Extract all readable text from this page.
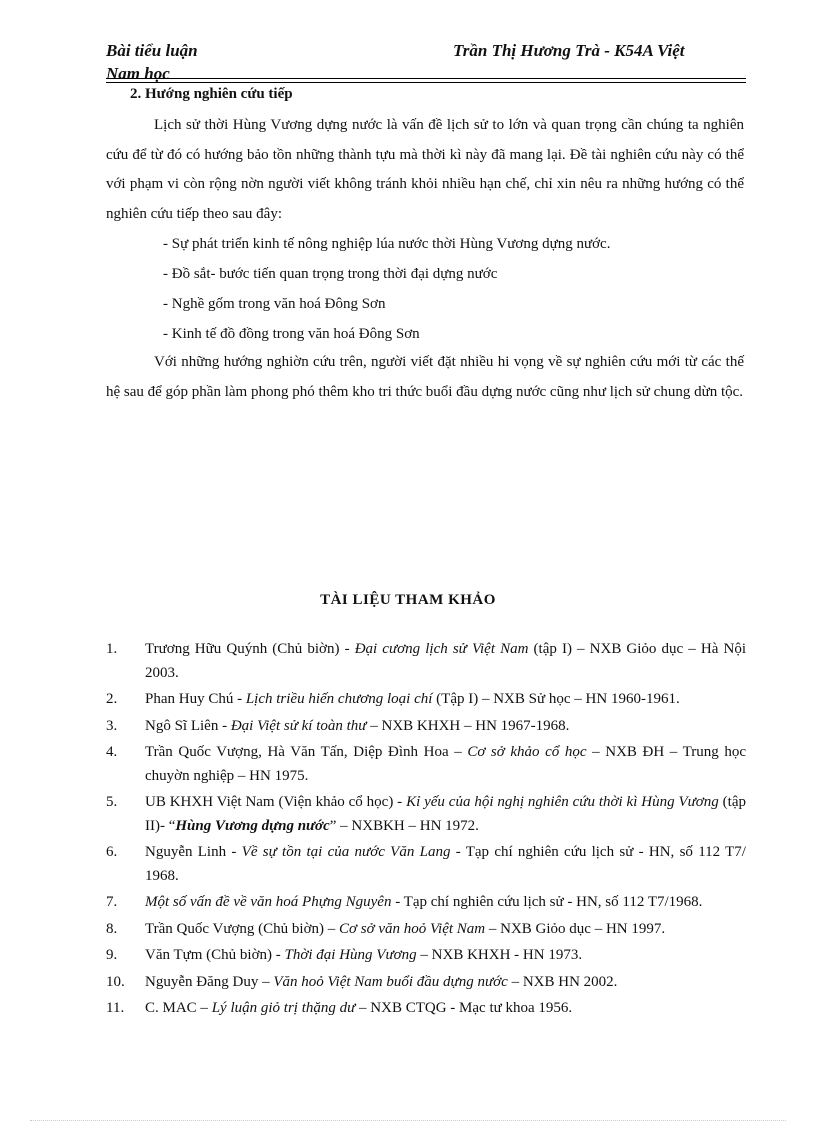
Bài tiểu luận
Nam học
Trần Thị Hương Trà - K54A Việt
2. Hướng nghiên cứu tiếp

Lịch sử thời Hùng Vương dựng nước là vấn đề lịch sử to lớn và quan trọng cần chúng ta nghiên cứu để từ đó có hướng bảo tồn những thành tựu mà thời kì này đã mang lại. Đề tài nghiên cứu này có thể với phạm vi còn rộng nờn người viết không tránh khỏi nhiều hạn chế, chỉ xin nêu ra những hướng có thể nghiên cứu tiếp theo sau đây:

- Sự phát triển kinh tế nông nghiệp lúa nước thời Hùng Vương dựng nước.
- Đồ sắt- bước tiến quan trọng trong thời đại dựng nước
- Nghề gốm trong văn hoá Đông Sơn
- Kinh tế đồ đồng trong văn hoá Đông Sơn

Với những hướng nghiờn cứu trên, người viết đặt nhiều hi vọng về sự nghiên cứu mới từ các thế hệ sau để góp phần làm phong phó thêm kho tri thức buổi đầu dựng nước cũng như lịch sử chung dừn tộc.

TÀI LIỆU THAM KHẢO
1. Trương Hữu Quýnh (Chủ biờn) - Đại cương lịch sử Việt Nam (tập I) – NXB Giỏo dục – Hà Nội 2003.
2. Phan Huy Chú - Lịch triều hiến chương loại chí (Tập I) – NXB Sử học – HN 1960-1961.
3. Ngô Sĩ Liên - Đại Việt sử kí toàn thư – NXB KHXH – HN 1967-1968.
4. Trần Quốc Vượng, Hà Văn Tấn, Diệp Đình Hoa – Cơ sở khảo cổ học – NXB ĐH – Trung học chuyờn nghiệp – HN 1975.
5. UB KHXH Việt Nam (Viện khảo cổ học) - Kỉ yếu của hội nghị nghiên cứu thời kì Hùng Vương (tập II)- “Hùng Vương dựng nước” – NXBKH – HN 1972.
6. Nguyễn Linh - Về sự tồn tại của nước Văn Lang - Tạp chí nghiên cứu lịch sử - HN, số 112 T7/ 1968.
7. Một số vấn đề về văn hoá Phựng Nguyên - Tạp chí nghiên cứu lịch sử - HN, số 112 T7/1968.
8. Trần Quốc Vượng (Chủ biờn) – Cơ sở văn hoỏ Việt Nam – NXB Giỏo dục – HN 1997.
9. Văn Tựm (Chủ biờn) - Thời đại Hùng Vương – NXB KHXH - HN 1973.
10. Nguyễn Đăng Duy – Văn hoỏ Việt Nam buổi đầu dựng nước – NXB HN 2002.
11. C. MAC – Lý luận giỏ trị thặng dư – NXB CTQG - Mạc tư khoa 1956.
